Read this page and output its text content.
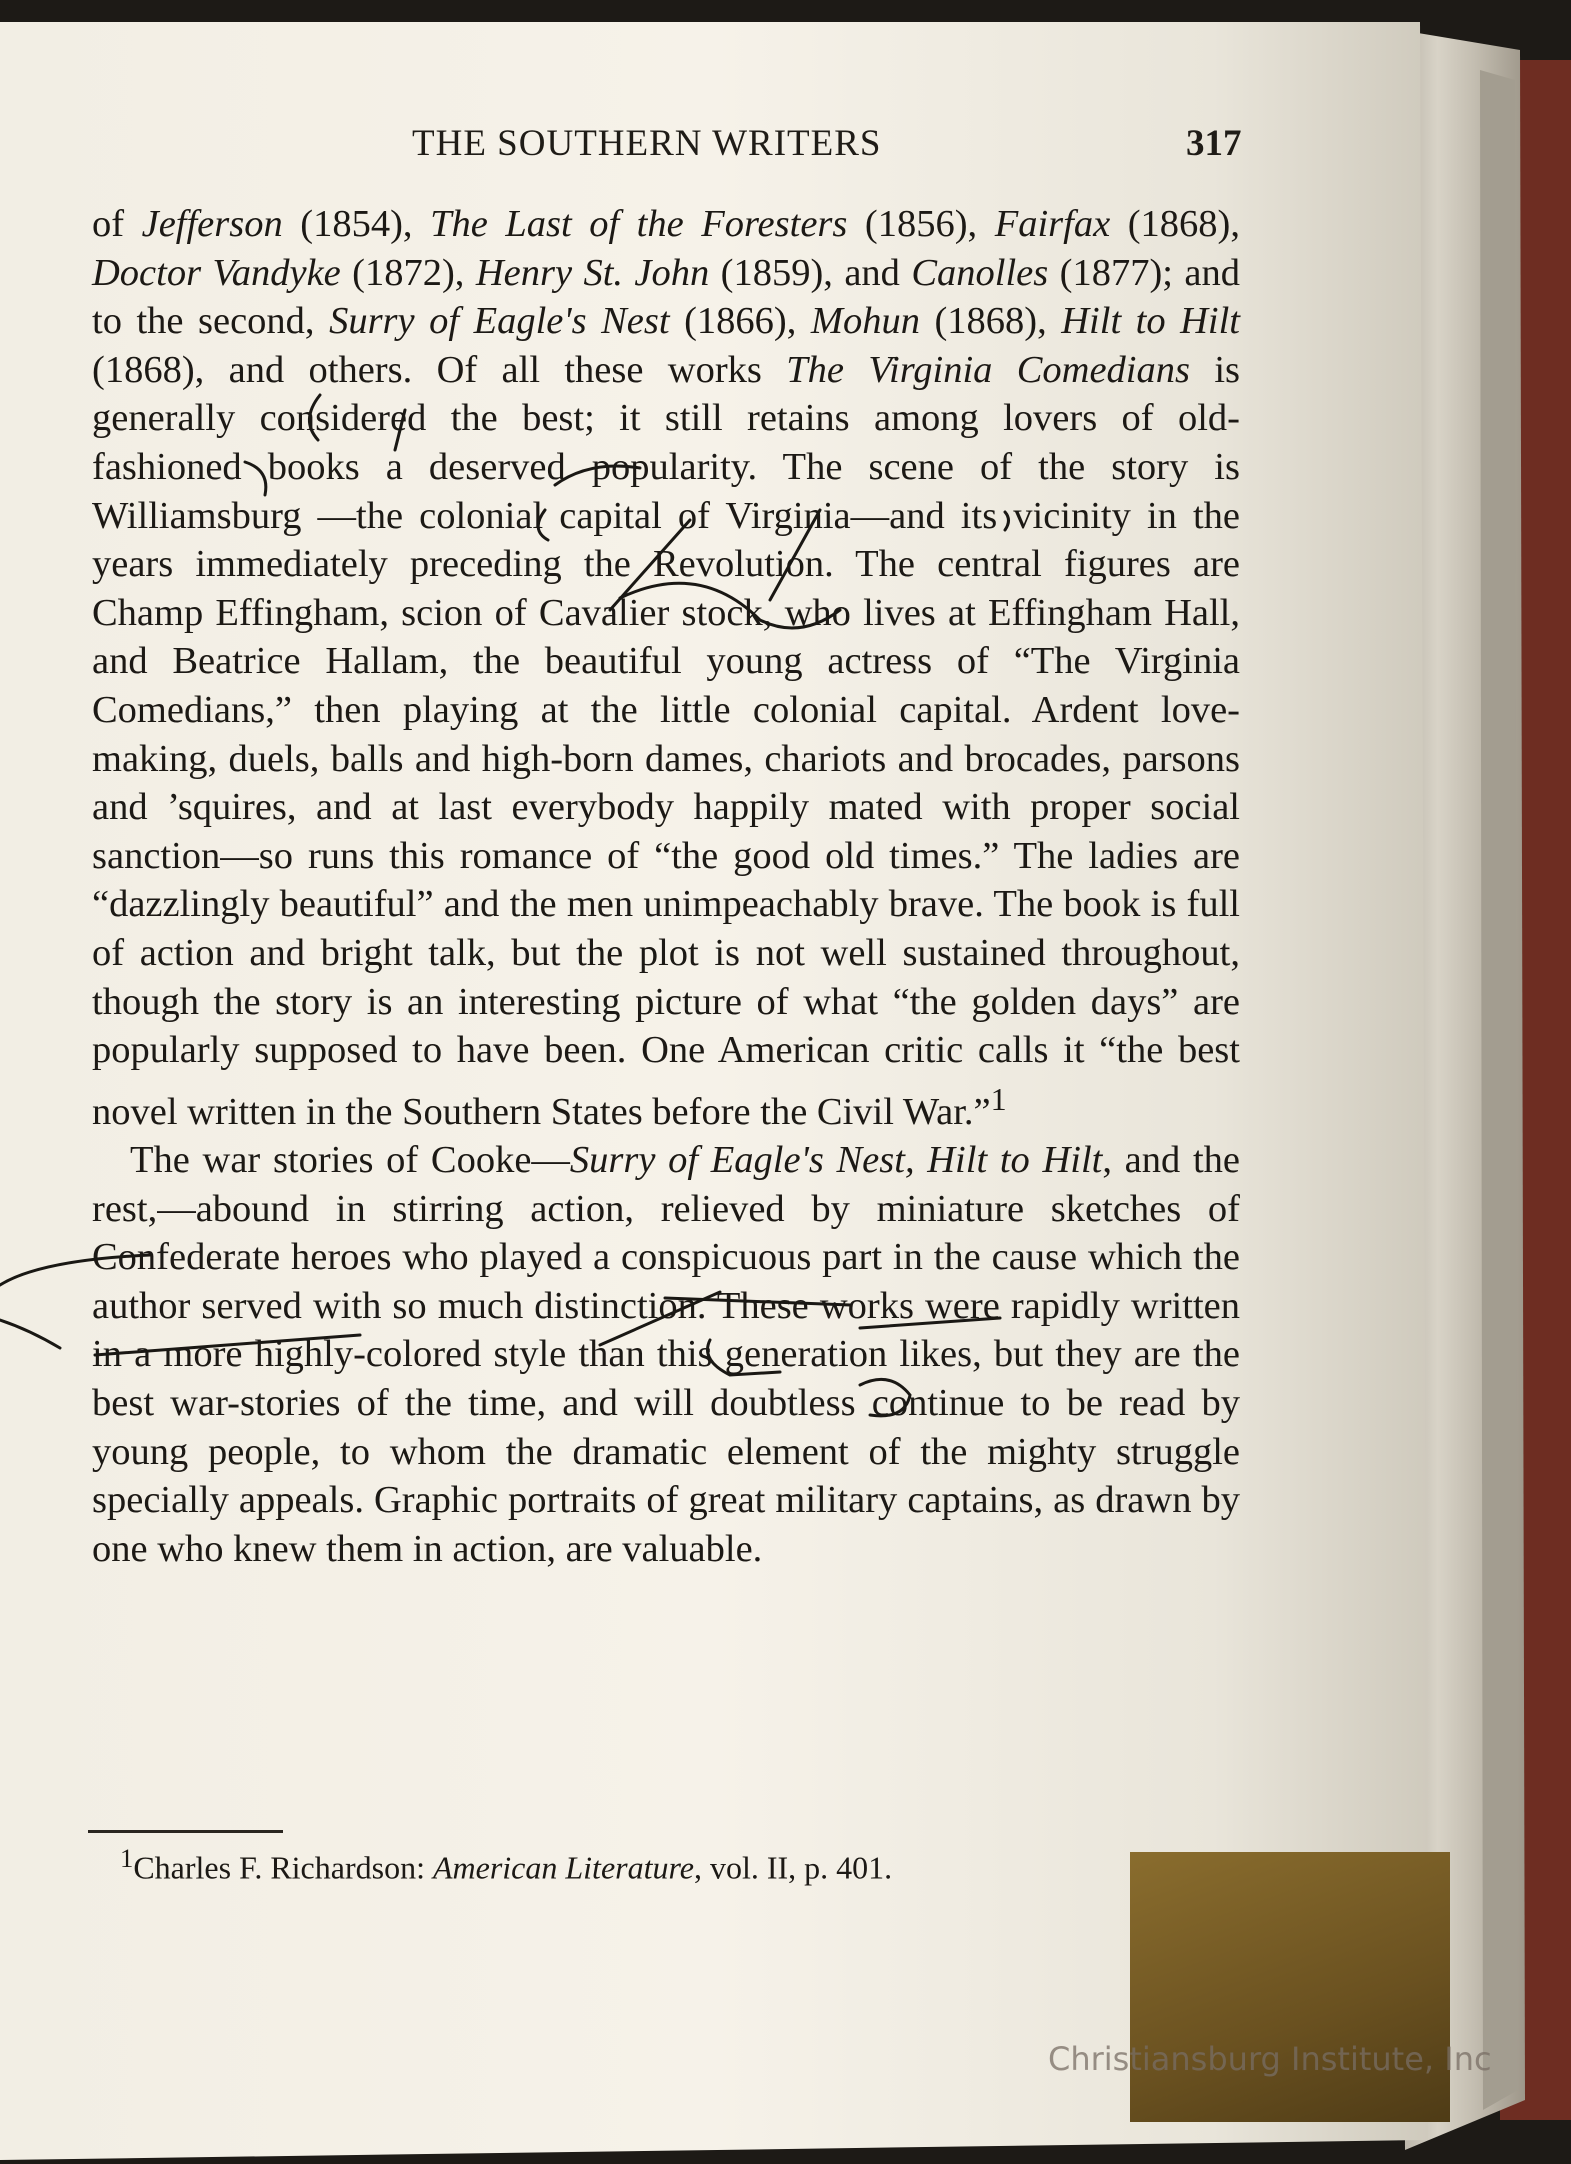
THE SOUTHERN WRITERS	317

of Jefferson (1854), The Last of the Foresters (1856), Fairfax (1868), Doctor Vandyke (1872), Henry St. John (1859), and Canolles (1877); and to the second, Surry of Eagle's Nest (1866), Mohun (1868), Hilt to Hilt (1868), and others. Of all these works The Virginia Comedians is generally considered the best; it still retains among lovers of old-fashioned books a deserved popularity. The scene of the story is Williamsburg —the colonial capital of Virginia—and its vicinity in the years immediately preceding the Revolution. The central figures are Champ Effingham, scion of Cavalier stock, who lives at Effingham Hall, and Beatrice Hallam, the beautiful young actress of “The Virginia Comedians,” then playing at the little colonial capital. Ardent love-making, duels, balls and high-born dames, chariots and brocades, parsons and ’squires, and at last everybody happily mated with proper social sanction—so runs this romance of “the good old times.” The ladies are “dazzlingly beautiful” and the men unimpeachably brave. The book is full of action and bright talk, but the plot is not well sustained throughout, though the story is an interesting picture of what “the golden days” are popularly supposed to have been. One American critic calls it “the best novel written in the Southern States before the Civil War.”$^1$

The war stories of Cooke—Surry of Eagle's Nest, Hilt to Hilt, and the rest,—abound in stirring action, relieved by miniature sketches of Confederate heroes who played a conspicuous part in the cause which the author served with so much distinction. These works were rapidly written in a more highly-colored style than this generation likes, but they are the best war-stories of the time, and will doubtless continue to be read by young people, to whom the dramatic element of the mighty struggle specially appeals. Graphic portraits of great military captains, as drawn by one who knew them in action, are valuable.

$^1$Charles F. Richardson: American Literature, vol. II, p. 401.
Christiansburg Institute, Inc
